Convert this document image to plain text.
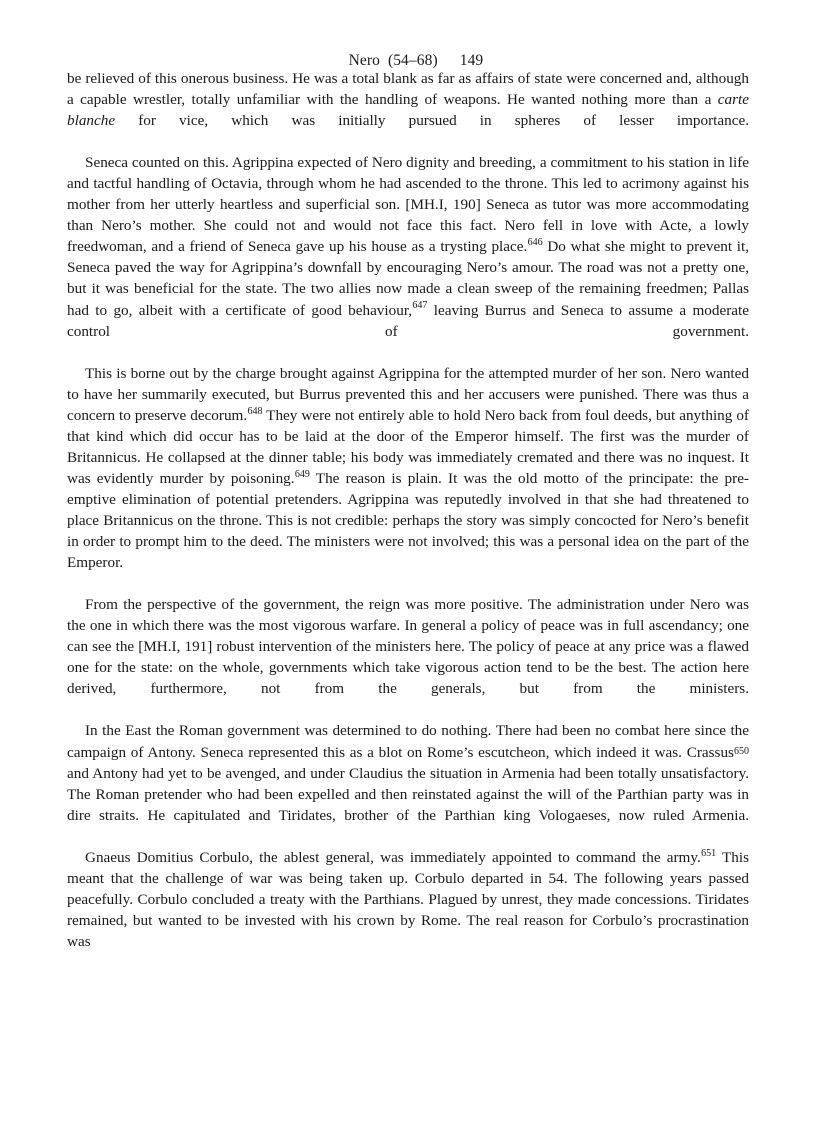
Nero  (54–68) 149

be relieved of this onerous business. He was a total blank as far as affairs of state were concerned and, although a capable wrestler, totally unfamiliar with the handling of weapons. He wanted nothing more than a carte blanche for vice, which was initially pursued in spheres of lesser importance.

Seneca counted on this. Agrippina expected of Nero dignity and breeding, a commitment to his station in life and tactful handling of Octavia, through whom he had ascended to the throne. This led to acrimony against his mother from her utterly heartless and superficial son. [MH.I, 190] Seneca as tutor was more accommodating than Nero’s mother. She could not and would not face this fact. Nero fell in love with Acte, a lowly freedwoman, and a friend of Seneca gave up his house as a trysting place.$^{646}$ Do what she might to prevent it, Seneca paved the way for Agrippina’s downfall by encouraging Nero’s amour. The road was not a pretty one, but it was beneficial for the state. The two allies now made a clean sweep of the remaining freedmen; Pallas had to go, albeit with a certificate of good behaviour,$^{647}$ leaving Burrus and Seneca to assume a moderate control of government.

This is borne out by the charge brought against Agrippina for the attempted murder of her son. Nero wanted to have her summarily executed, but Burrus prevented this and her accusers were punished. There was thus a concern to preserve decorum.$^{648}$ They were not entirely able to hold Nero back from foul deeds, but anything of that kind which did occur has to be laid at the door of the Emperor himself. The first was the murder of Britannicus. He collapsed at the dinner table; his body was immediately cremated and there was no inquest. It was evidently murder by poisoning.$^{649}$ The reason is plain. It was the old motto of the principate: the pre-emptive elimination of potential pretenders. Agrippina was reputedly involved in that she had threatened to place Britannicus on the throne. This is not credible: perhaps the story was simply concocted for Nero’s benefit in order to prompt him to the deed. The ministers were not involved; this was a personal idea on the part of the Emperor.

From the perspective of the government, the reign was more positive. The administration under Nero was the one in which there was the most vigorous warfare. In general a policy of peace was in full ascendancy; one can see the [MH.I, 191] robust intervention of the ministers here. The policy of peace at any price was a flawed one for the state: on the whole, governments which take vigorous action tend to be the best. The action here derived, furthermore, not from the generals, but from the ministers.

In the East the Roman government was determined to do nothing. There had been no combat here since the campaign of Antony. Seneca represented this as a blot on Rome’s escutcheon, which indeed it was. Crassus$^{650}$ and Antony had yet to be avenged, and under Claudius the situation in Armenia had been totally unsatisfactory. The Roman pretender who had been expelled and then reinstated against the will of the Parthian party was in dire straits. He capitulated and Tiridates, brother of the Parthian king Vologaeses, now ruled Armenia.

Gnaeus Domitius Corbulo, the ablest general, was immediately appointed to command the army.$^{651}$ This meant that the challenge of war was being taken up. Corbulo departed in 54. The following years passed peacefully. Corbulo concluded a treaty with the Parthians. Plagued by unrest, they made concessions. Tiridates remained, but wanted to be invested with his crown by Rome. The real reason for Corbulo’s procrastination was
